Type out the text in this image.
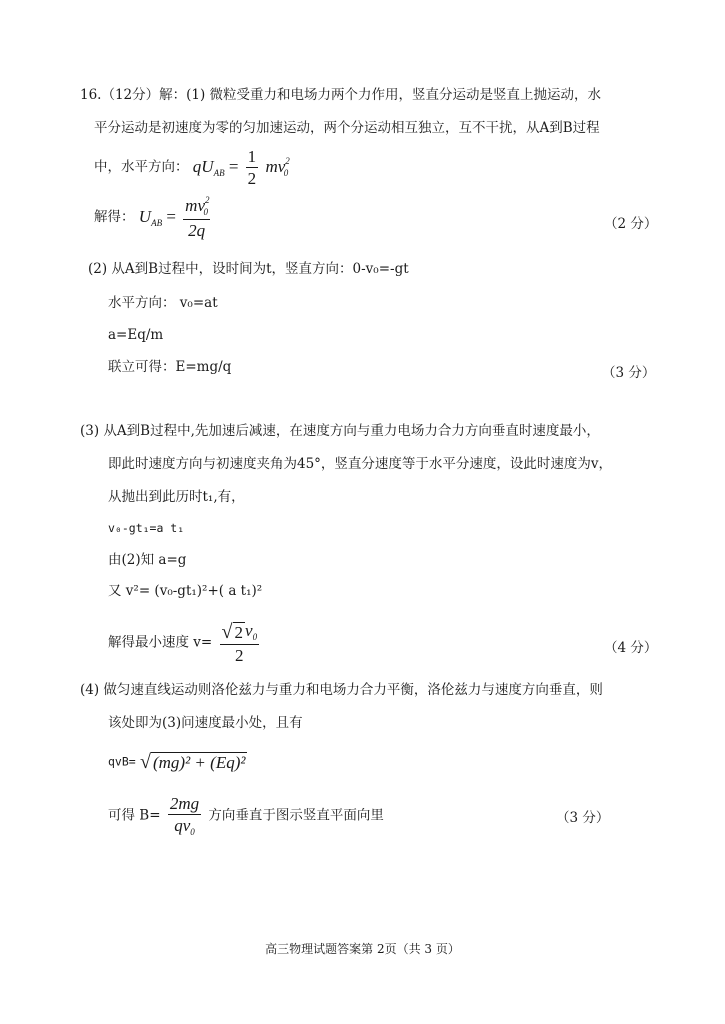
16.（12分）解：(1) 微粒受重力和电场力两个力作用，竖直分运动是竖直上抛运动，水
平分运动是初速度为零的匀加速运动，两个分运动相互独立，互不干扰，从A到B过程
中，水平方向： $qU_{AB} = \frac{1}{2} mv^2_0$
解得： $U_{AB} = \frac{mv^2_0}{2q}$	（2 分）
(2) 从A到B过程中，设时间为t，竖直方向：0-v₀=-gt
水平方向： v₀=at
a=Eq/m
联立可得：E=mg/q	（3 分）
(3) 从A到B过程中,先加速后减速，在速度方向与重力电场力合力方向垂直时速度最小，
即此时速度方向与初速度夹角为45°，竖直分速度等于水平分速度，设此时速度为v，
从抛出到此历时t₁,有，
v₀-gt₁=a t₁
由(2)知 a=g
又 v²= (v₀-gt₁)²+( a t₁)²
解得最小速度 $v= \frac{√ 2 v_0}{2}$	（4 分）
(4) 做匀速直线运动则洛伦兹力与重力和电场力合力平衡，洛伦兹力与速度方向垂直，则
该处即为(3)问速度最小处，且有
qvB= √ (mg)² + (Eq)²
可得 $B= \frac{2mg}{qv_0}$ 方向垂直于图示竖直平面向里	（3 分）
高三物理试题答案第 2页（共 3 页）
